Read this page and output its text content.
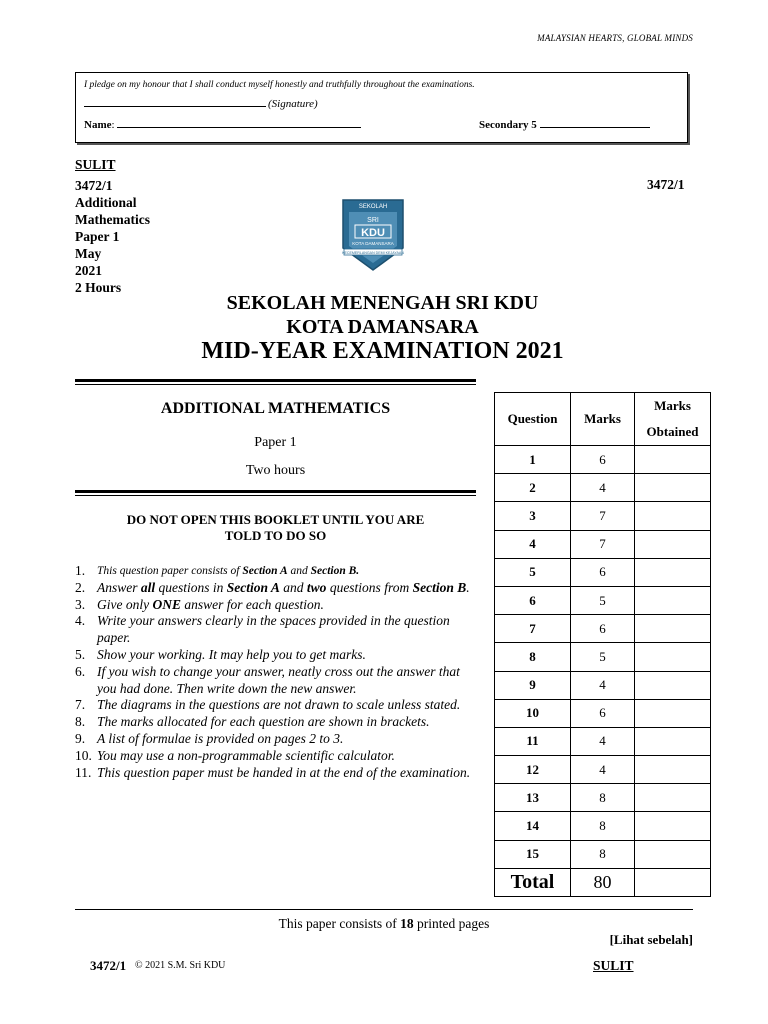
MALAYSIAN HEARTS, GLOBAL MINDS
I pledge on my honour that I shall conduct myself honestly and truthfully throughout the examinations.
(Signature)
Name:	Secondary 5
SULIT
3472/1
Additional
Mathematics
Paper 1
May
2021
2 Hours
3472/1
SEKOLAH
SRI
KDU
KOTA DAMANSARA
KECEMERLANGAN DEMI KEJAYAAN
SEKOLAH MENENGAH SRI KDU
KOTA DAMANSARA
MID-YEAR EXAMINATION 2021
ADDITIONAL MATHEMATICS
Paper 1
Two hours
DO NOT OPEN THIS BOOKLET UNTIL YOU ARE
TOLD TO DO SO
1.	This question paper consists of Section A and Section B.
2. Answer all questions in Section A and two questions from Section B.
3. Give only ONE answer for each question.
4. Write your answers clearly in the spaces provided in the question paper.
5. Show your working. It may help you to get marks.
6. If you wish to change your answer, neatly cross out the answer that you had done. Then write down the new answer.
7. The diagrams in the questions are not drawn to scale unless stated.
8. The marks allocated for each question are shown in brackets.
9. A list of formulae is provided on pages 2 to 3.
10. You may use a non-programmable scientific calculator.
11. This question paper must be handed in at the end of the examination.
Question	Marks	Marks
Obtained

1	6	
2	4	
3	7	
4	7	
5	6	
6	5	
7	6	
8	5	
9	4	
10	6	
11	4	
12	4	
13	8	
14	8	
15	8	
Total	80	
This paper consists of 18 printed pages
[Lihat sebelah]
3472/1 © 2021 S.M. Sri KDU	SULIT
